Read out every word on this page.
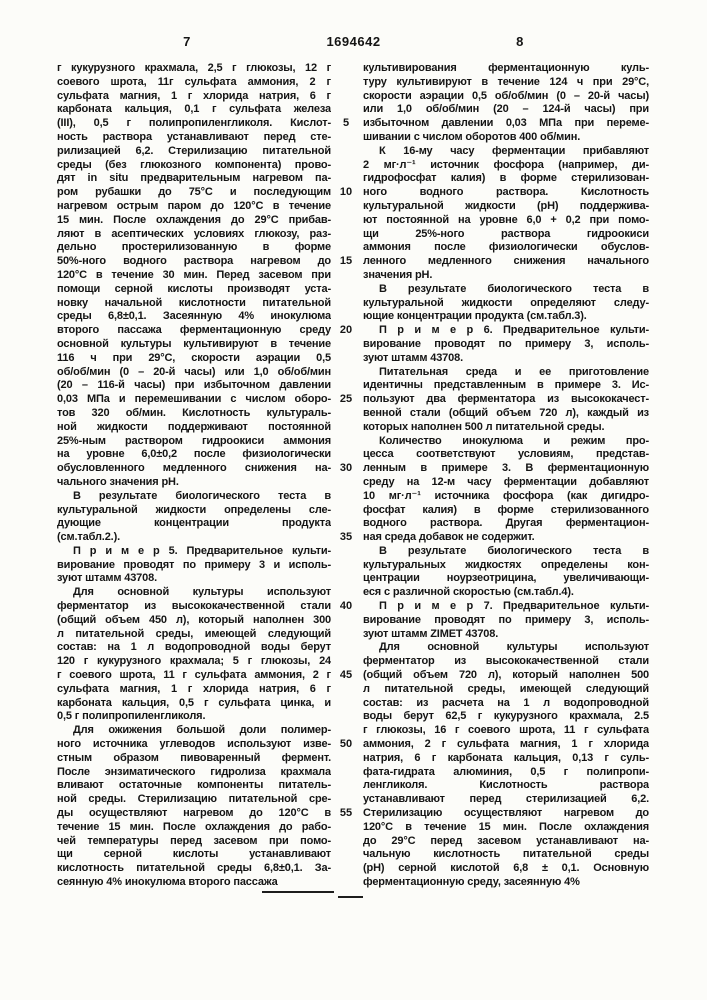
7	1694642	8
г кукурузного крахмала, 2,5 г глюкозы, 12 г
соевого шрота, 11г сульфата аммония, 2 г
сульфата магния, 1 г хлорида натрия, 6 г
карбоната кальция, 0,1 г сульфата железа
(III), 0,5 г полипропиленгликоля. Кислот-
ность раствора устанавливают перед сте-
рилизацией 6,2. Стерилизацию питательной
среды (без глюкозного компонента) прово-
дят in situ предварительным нагревом па-
ром рубашки до 75°С и последующим
нагревом острым паром до 120°С в течение
15 мин. После охлаждения до 29°С прибав-
ляют в асептических условиях глюкозу, раз-
дельно простерилизованную в форме
50%-ного водного раствора нагревом до
120°С в течение 30 мин. Перед засевом при
помощи серной кислоты производят уста-
новку начальной кислотности питательной
среды 6,8±0,1. Засеянную 4% инокулюма
второго пассажа ферментационную среду
основной культуры культивируют в течение
116 ч при 29°С, скорости аэрации 0,5
об/об/мин (0 – 20-й часы) или 1,0 об/об/мин
(20 – 116-й часы) при избыточном давлении
0,03 МПа и перемешивании с числом оборо-
тов 320 об/мин. Кислотность культураль-
ной жидкости поддерживают постоянной
25%-ным раствором гидроокиси аммония
на уровне 6,0±0,2 после физиологически
обусловленного медленного снижения на-
чального значения рН.
В результате биологического теста в
культуральной жидкости определены сле-
дующие концентрации продукта
(см.табл.2.).
П р и м е р 5. Предварительное культи-
вирование проводят по примеру 3 и исполь-
зуют штамм 43708.
Для основной культуры используют
ферментатор из высококачественной стали
(общий объем 450 л), который наполнен 300
л питательной среды, имеющей следующий
состав: на 1 л водопроводной воды берут
120 г кукурузного крахмала; 5 г глюкозы, 24
г соевого шрота, 11 г сульфата аммония, 2 г
сульфата магния, 1 г хлорида натрия, 6 г
карбоната кальция, 0,5 г сульфата цинка, и
0,5 г полипропиленгликоля.
Для ожижения большой доли полимер-
ного источника углеводов используют изве-
стным образом пивоваренный фермент.
После энзиматического гидролиза крахмала
вливают остаточные компоненты питатель-
ной среды. Стерилизацию питательной сре-
ды осуществляют нагревом до 120°С в
течение 15 мин. После охлаждения до рабо-
чей температуры перед засевом при помо-
щи серной кислоты устанавливают
кислотность питательной среды 6,8±0,1. За-
сеянную 4% инокулюма второго пассажа
5
10
15
20
25
30
35
40
45
50
55
культивирования ферментационную куль-
туру культивируют в течение 124 ч при 29°С,
скорости аэрации 0,5 об/об/мин (0 – 20-й часы)
или 1,0 об/об/мин (20 – 124-й часы) при
избыточном давлении 0,03 МПа при переме-
шивании с числом оборотов 400 об/мин.
К 16-му часу ферментации прибавляют
2 мг·л⁻¹ источник фосфора (например, ди-
гидрофосфат калия) в форме стерилизован-
ного водного раствора. Кислотность
культуральной жидкости (рН) поддержива-
ют постоянной на уровне 6,0 + 0,2 при помо-
щи 25%-ного раствора гидроокиси
аммония после физиологически обуслов-
ленного медленного снижения начального
значения рН.
В результате биологического теста в
культуральной жидкости определяют следу-
ющие концентрации продукта (см.табл.3).
П р и м е р 6. Предварительное культи-
вирование проводят по примеру 3, исполь-
зуют штамм 43708.
Питательная среда и ее приготовление
идентичны представленным в примере 3. Ис-
пользуют два ферментатора из высококачест-
венной стали (общий объем 720 л), каждый из
которых наполнен 500 л питательной среды.
Количество инокулюма и режим про-
цесса соответствуют условиям, представ-
ленным в примере 3. В ферментационную
среду на 12-м часу ферментации добавляют
10 мг·л⁻¹ источника фосфора (как дигидро-
фосфат калия) в форме стерилизованного
водного раствора. Другая ферментацион-
ная среда добавок не содержит.
В результате биологического теста в
культуральных жидкостях определены кон-
центрации ноурзеотрицина, увеличивающи-
еся с различной скоростью (см.табл.4).
П р и м е р 7. Предварительное культи-
вирование проводят по примеру 3, исполь-
зуют штамм ZIMET 43708.
Для основной культуры используют
ферментатор из высококачественной стали
(общий объем 720 л), который наполнен 500
л питательной среды, имеющей следующий
состав: из расчета на 1 л водопроводной
воды берут 62,5 г кукурузного крахмала, 2.5
г глюкозы, 16 г соевого шрота, 11 г сульфата
аммония, 2 г сульфата магния, 1 г хлорида
натрия, 6 г карбоната кальция, 0,13 г суль-
фата-гидрата алюминия, 0,5 г полипропи-
ленгликоля. Кислотность раствора
устанавливают перед стерилизацией 6,2.
Стерилизацию осуществляют нагревом до
120°С в течение 15 мин. После охлаждения
до 29°С перед засевом устанавливают на-
чальную кислотность питательной среды
(рН) серной кислотой 6,8 ± 0,1. Основную
ферментационную среду, засеянную 4%
